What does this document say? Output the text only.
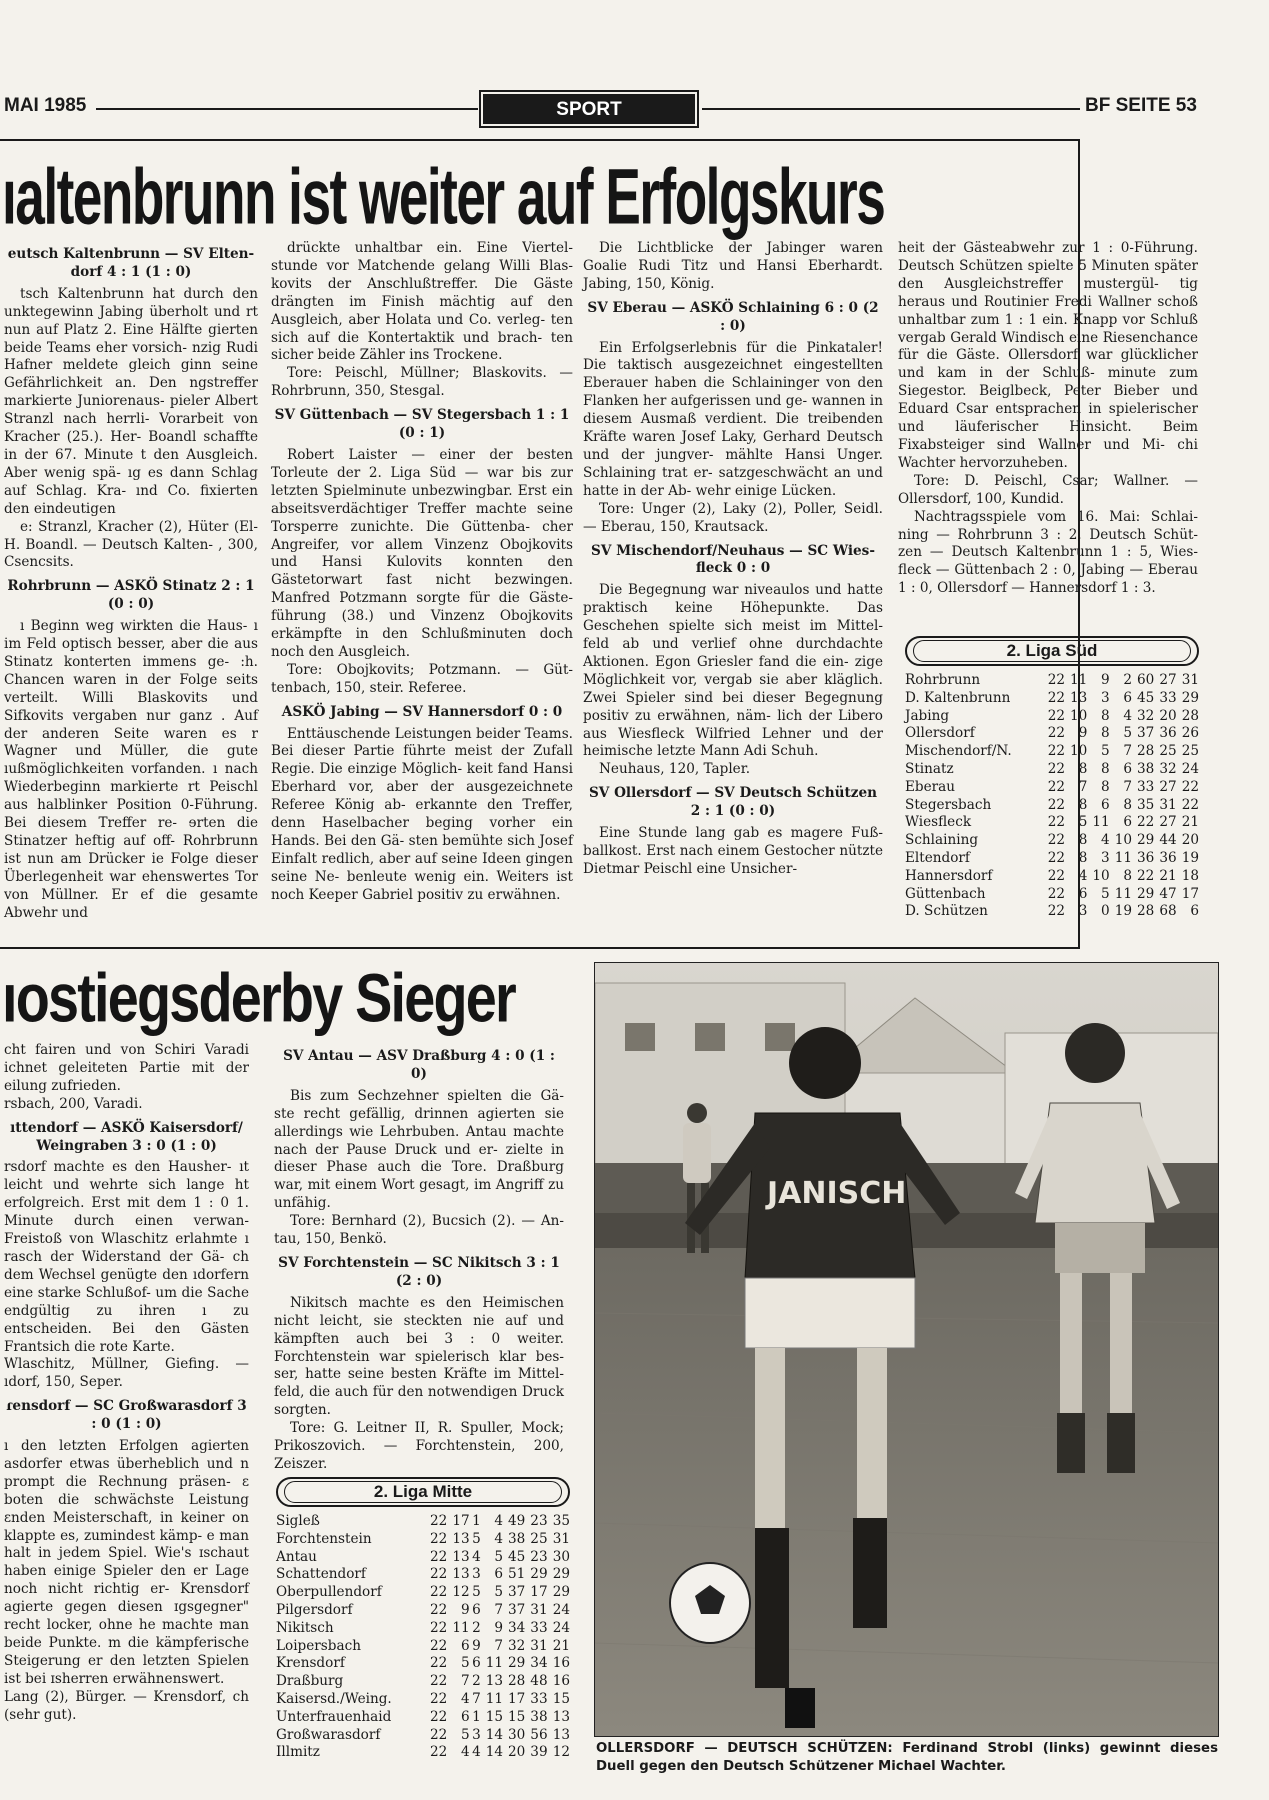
MAI 1985	SPORT	BF SEITE 53
ıaltenbrunn ist weiter auf Erfolgskurs

eutsch Kaltenbrunn — SV Elten- dorf 4 : 1 (1 : 0)

tsch Kaltenbrunn hat durch den unktegewinn Jabing überholt und rt nun auf Platz 2. Eine Hälfte gierten beide Teams eher vorsich- nzig Rudi Hafner meldete gleich ginn seine Gefährlichkeit an. Den ngstreffer markierte Juniorenaus- pieler Albert Stranzl nach herrli- Vorarbeit von Kracher (25.). Her- Boandl schaffte in der 67. Minute t den Ausgleich. Aber wenig spä- ıg es dann Schlag auf Schlag. Kra- ınd Co. fixierten den eindeutigen

e: Stranzl, Kracher (2), Hüter (El- H. Boandl. — Deutsch Kalten- , 300, Csencsits.

Rohrbrunn — ASKÖ Stinatz 2 : 1 (0 : 0)

ı Beginn weg wirkten die Haus- ı im Feld optisch besser, aber die aus Stinatz konterten immens ge- :h. Chancen waren in der Folge seits verteilt. Willi Blaskovits und Sifkovits vergaben nur ganz . Auf der anderen Seite waren es r Wagner und Müller, die gute ıußmöglichkeiten vorfanden. ı nach Wiederbeginn markierte rt Peischl aus halblinker Position 0-Führung. Bei diesem Treffer re- ɘrten die Stinatzer heftig auf off- Rohrbrunn ist nun am Drücker ie Folge dieser Überlegenheit war ehenswertes Tor von Müllner. Er ef die gesamte Abwehr und

drückte unhaltbar ein. Eine Viertel- stunde vor Matchende gelang Willi Blas- kovits der Anschlußtreffer. Die Gäste drängten im Finish mächtig auf den Ausgleich, aber Holata und Co. verleg- ten sich auf die Kontertaktik und brach- ten sicher beide Zähler ins Trockene.

Tore: Peischl, Müllner; Blaskovits. — Rohrbrunn, 350, Stesgal.

SV Güttenbach — SV Stegersbach 1 : 1 (0 : 1)

Robert Laister — einer der besten Torleute der 2. Liga Süd — war bis zur letzten Spielminute unbezwingbar. Erst ein abseitsverdächtiger Treffer machte seine Torsperre zunichte. Die Güttenba- cher Angreifer, vor allem Vinzenz Obojkovits und Hansi Kulovits konnten den Gästetorwart fast nicht bezwingen. Manfred Potzmann sorgte für die Gäste- führung (38.) und Vinzenz Obojkovits erkämpfte in den Schlußminuten doch noch den Ausgleich.

Tore: Obojkovits; Potzmann. — Güt- tenbach, 150, steir. Referee.

ASKÖ Jabing — SV Hannersdorf 0 : 0

Enttäuschende Leistungen beider Teams. Bei dieser Partie führte meist der Zufall Regie. Die einzige Möglich- keit fand Hansi Eberhard vor, aber der ausgezeichnete Referee König ab- erkannte den Treffer, denn Haselbacher beging vorher ein Hands. Bei den Gä- sten bemühte sich Josef Einfalt redlich, aber auf seine Ideen gingen seine Ne- benleute wenig ein. Weiters ist noch Keeper Gabriel positiv zu erwähnen.

Die Lichtblicke der Jabinger waren Goalie Rudi Titz und Hansi Eberhardt. Jabing, 150, König.

SV Eberau — ASKÖ Schlaining 6 : 0 (2 : 0)

Ein Erfolgserlebnis für die Pinkataler! Die taktisch ausgezeichnet eingestellten Eberauer haben die Schlaininger von den Flanken her aufgerissen und ge- wannen in diesem Ausmaß verdient. Die treibenden Kräfte waren Josef Laky, Gerhard Deutsch und der jungver- mählte Hansi Unger. Schlaining trat er- satzgeschwächt an und hatte in der Ab- wehr einige Lücken.

Tore: Unger (2), Laky (2), Poller, Seidl. — Eberau, 150, Krautsack.

SV Mischendorf/Neuhaus — SC Wies- fleck 0 : 0

Die Begegnung war niveaulos und hatte praktisch keine Höhepunkte. Das Geschehen spielte sich meist im Mittel- feld ab und verlief ohne durchdachte Aktionen. Egon Griesler fand die ein- zige Möglichkeit vor, vergab sie aber kläglich. Zwei Spieler sind bei dieser Begegnung positiv zu erwähnen, näm- lich der Libero aus Wiesfleck Wilfried Lehner und der heimische letzte Mann Adi Schuh.

Neuhaus, 120, Tapler.

SV Ollersdorf — SV Deutsch Schützen 2 : 1 (0 : 0)

Eine Stunde lang gab es magere Fuß- ballkost. Erst nach einem Gestocher nützte Dietmar Peischl eine Unsicher-

heit der Gästeabwehr zur 1 : 0-Führung. Deutsch Schützen spielte 5 Minuten später den Ausgleichstreffer mustergül- tig heraus und Routinier Fredi Wallner schoß unhaltbar zum 1 : 1 ein. Knapp vor Schluß vergab Gerald Windisch eine Riesenchance für die Gäste. Ollersdorf war glücklicher und kam in der Schluß- minute zum Siegestor. Beiglbeck, Peter Bieber und Eduard Csar entsprachen in spielerischer und läuferischer Hinsicht. Beim Fixabsteiger sind Wallner und Mi- chi Wachter hervorzuheben.

Tore: D. Peischl, Csar; Wallner. — Ollersdorf, 100, Kundid.

Nachtragsspiele vom 16. Mai: Schlai- ning — Rohrbrunn 3 : 2, Deutsch Schüt- zen — Deutsch Kaltenbrunn 1 : 5, Wies- fleck — Güttenbach 2 : 0, Jabing — Eberau 1 : 0, Ollersdorf — Hannersdorf 1 : 3.

2. Liga Süd
Rohrbrunn	22	11	9	2	60	27	31
D. Kaltenbrunn	22	13	3	6	45	33	29
Jabing	22	10	8	4	32	20	28
Ollersdorf	22	9	8	5	37	36	26
Mischendorf/N.	22	10	5	7	28	25	25
Stinatz	22	8	8	6	38	32	24
Eberau	22	7	8	7	33	27	22
Stegersbach	22	8	6	8	35	31	22
Wiesfleck	22	5	11	6	22	27	21
Schlaining	22	8	4	10	29	44	20
Eltendorf	22	8	3	11	36	36	19
Hannersdorf	22	4	10	8	22	21	18
Güttenbach	22	6	5	11	29	47	17
D. Schützen	22	3	0	19	28	68	6
ıostiegsderby Sieger

cht fairen und von Schiri Varadi ichnet geleiteten Partie mit der eilung zufrieden.

rsbach, 200, Varadi.

ıttendorf — ASKÖ Kaisersdorf/ Weingraben 3 : 0 (1 : 0)

rsdorf machte es den Hausher- ıt leicht und wehrte sich lange ht erfolgreich. Erst mit dem 1 : 0 1. Minute durch einen verwan- Freistoß von Wlaschitz erlahmte ı rasch der Widerstand der Gä- ch dem Wechsel genügte den ıdorfern eine starke Schlußof- um die Sache endgültig zu ihren ı zu entscheiden. Bei den Gästen Frantsich die rote Karte.

Wlaschitz, Müllner, Giefing. — ıdorf, 150, Seper.

ɾensdorf — SC Großwarasdorf 3 : 0 (1 : 0)

ı den letzten Erfolgen agierten asdorfer etwas überheblich und n prompt die Rechnung präsen- ɛ boten die schwächste Leistung ɛnden Meisterschaft, in keiner on klappte es, zumindest kämp- e man halt in jedem Spiel. Wie's ɪschaut haben einige Spieler den er Lage noch nicht richtig er- Krensdorf agierte gegen diesen ɪgsgegner" recht locker, ohne he machte man beide Punkte. m die kämpferische Steigerung er den letzten Spielen ist bei ɪsherren erwähnenswert.

Lang (2), Bürger. — Krensdorf, ch (sehr gut).

SV Antau — ASV Draßburg 4 : 0 (1 : 0)

Bis zum Sechzehner spielten die Gä- ste recht gefällig, drinnen agierten sie allerdings wie Lehrbuben. Antau machte nach der Pause Druck und er- zielte in dieser Phase auch die Tore. Draßburg war, mit einem Wort gesagt, im Angriff zu unfähig.

Tore: Bernhard (2), Bucsich (2). — An- tau, 150, Benkö.

SV Forchtenstein — SC Nikitsch 3 : 1 (2 : 0)

Nikitsch machte es den Heimischen nicht leicht, sie steckten nie auf und kämpften auch bei 3 : 0 weiter. Forchtenstein war spielerisch klar bes- ser, hatte seine besten Kräfte im Mittel- feld, die auch für den notwendigen Druck sorgten.

Tore: G. Leitner II, R. Spuller, Mock; Prikoszovich. — Forchtenstein, 200, Zeiszer.

2. Liga Mitte
Sigleß	22	17	1	4	49	23	35
Forchtenstein	22	13	5	4	38	25	31
Antau	22	13	4	5	45	23	30
Schattendorf	22	13	3	6	51	29	29
Oberpullendorf	22	12	5	5	37	17	29
Pilgersdorf	22	9	6	7	37	31	24
Nikitsch	22	11	2	9	34	33	24
Loipersbach	22	6	9	7	32	31	21
Krensdorf	22	5	6	11	29	34	16
Draßburg	22	7	2	13	28	48	16
Kaisersd./Weing.	22	4	7	11	17	33	15
Unterfrauenhaid	22	6	1	15	15	38	13
Großwarasdorf	22	5	3	14	30	56	13
Illmitz	22	4	4	14	20	39	12
JANISCH
OLLERSDORF — DEUTSCH SCHÜTZEN: Ferdinand Strobl (links) gewinnt dieses Duell gegen den Deutsch Schützener Michael Wachter.
